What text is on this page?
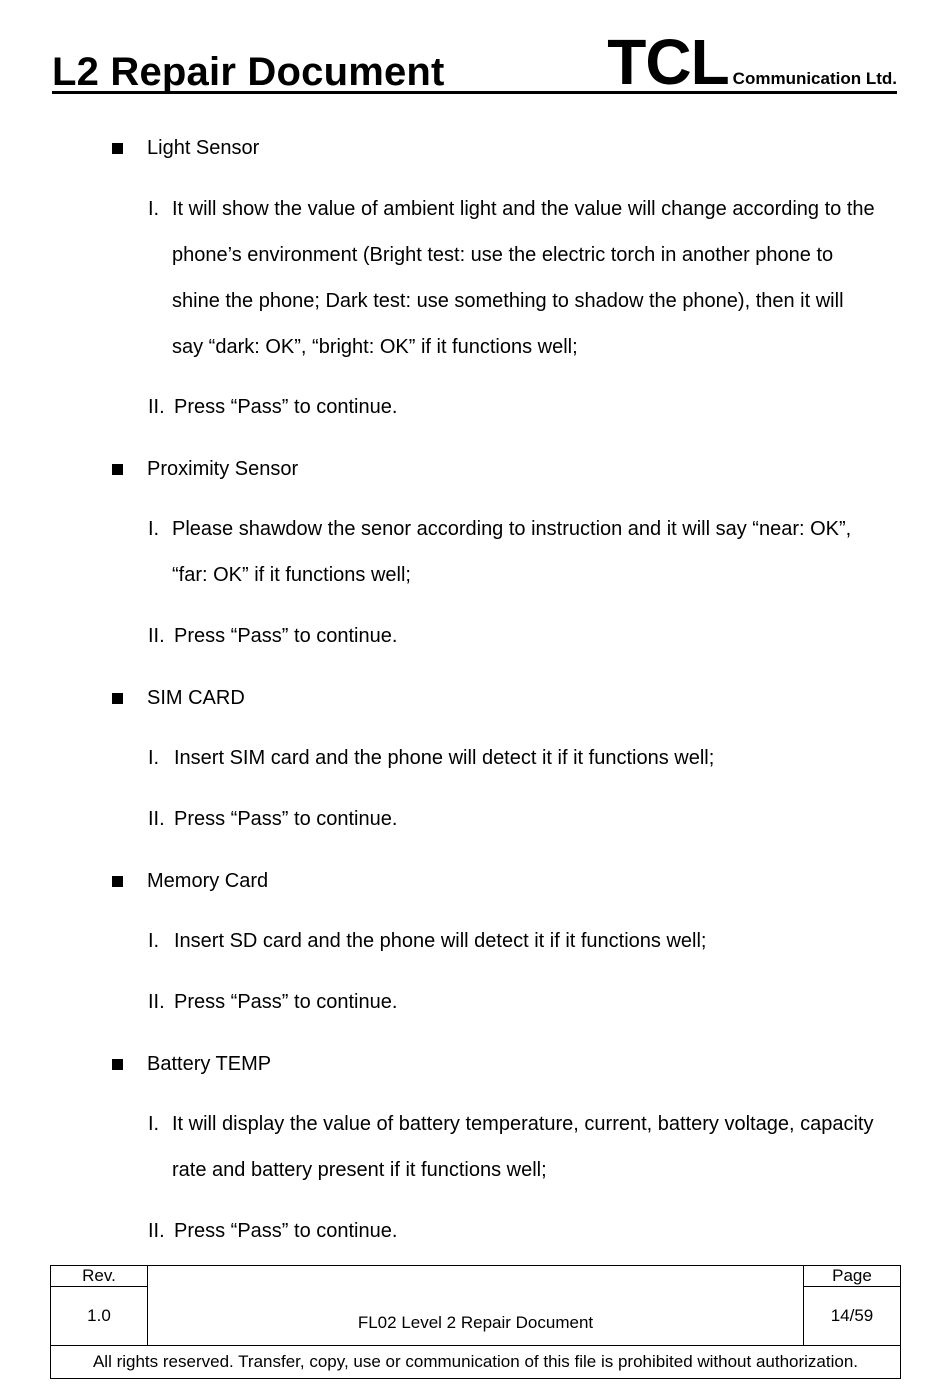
L2 Repair Document	TCL Communication Ltd.
Light Sensor
I. It will show the value of ambient light and the value will change according to the
phone’s environment (Bright test: use the electric torch in another phone to
shine the phone; Dark test: use something to shadow the phone), then it will
say “dark: OK”, “bright: OK” if it functions well;
II. Press “Pass” to continue.
Proximity Sensor
I. Please shawdow the senor according to instruction and it will say “near: OK”,
“far: OK” if it functions well;
II. Press “Pass” to continue.
SIM CARD
I. Insert SIM card and the phone will detect it if it functions well;
II. Press “Pass” to continue.
Memory Card
I. Insert SD card and the phone will detect it if it functions well;
II. Press “Pass” to continue.
Battery TEMP
I. It will display the value of battery temperature, current, battery voltage, capacity
rate and battery present if it functions well;
II. Press “Pass” to continue.
Rev.	FL02 Level 2 Repair Document	Page
1.0		14/59
All rights reserved. Transfer, copy, use or communication of this file is prohibited without authorization.		
